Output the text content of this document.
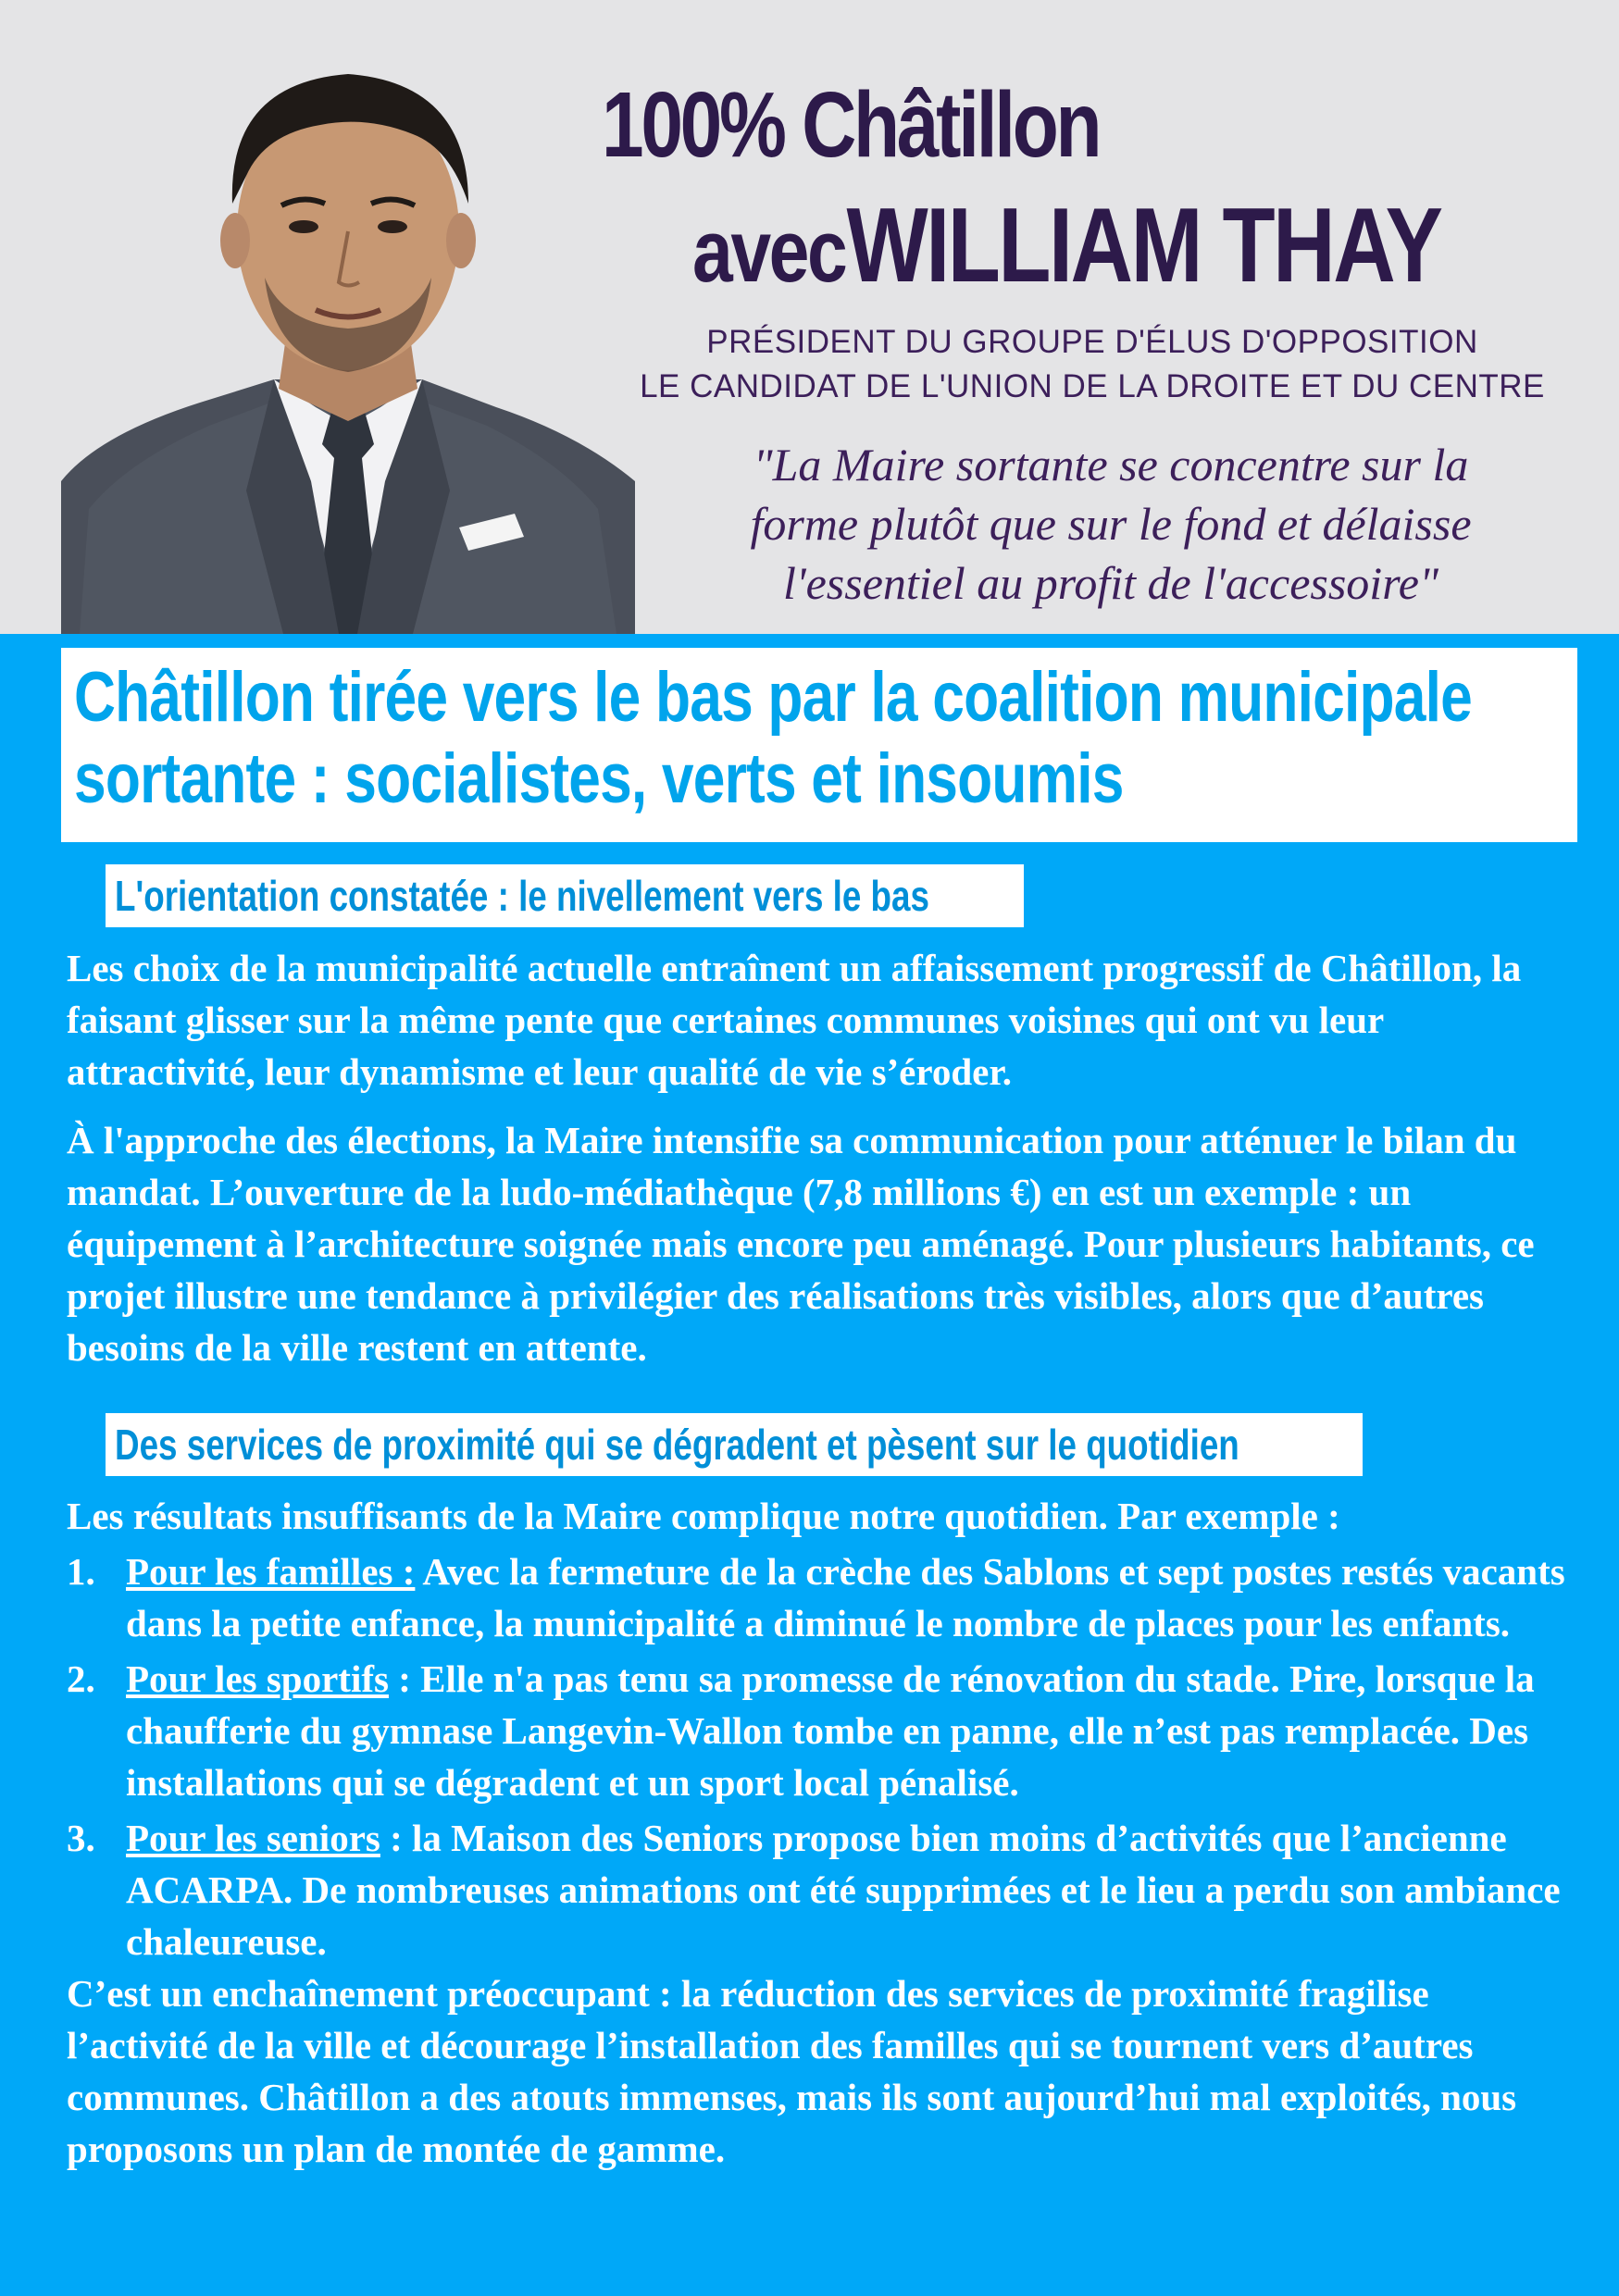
100% Châtillon
avec WILLIAM THAY
PRÉSIDENT DU GROUPE D'ÉLUS D'OPPOSITION
LE CANDIDAT DE L'UNION DE LA DROITE ET DU CENTRE
"La Maire sortante se concentre sur la
forme plutôt que sur le fond et délaisse
l'essentiel au profit de l'accessoire"
Châtillon tirée vers le bas par la coalition municipale
sortante : socialistes, verts et insoumis
L'orientation constatée : le nivellement vers le bas

Les choix de la municipalité actuelle entraînent un affaissement progressif de Châtillon, la faisant glisser sur la même pente que certaines communes voisines qui ont vu leur attractivité, leur dynamisme et leur qualité de vie s’éroder.

À l'approche des élections, la Maire intensifie sa communication pour atténuer le bilan du mandat. L’ouverture de la ludo-médiathèque (7,8 millions €) en est un exemple : un équipement à l’architecture soignée mais encore peu aménagé. Pour plusieurs habitants, ce projet illustre une tendance à privilégier des réalisations très visibles, alors que d’autres besoins de la ville restent en attente.

Des services de proximité qui se dégradent et pèsent sur le quotidien

Les résultats insuffisants de la Maire complique notre quotidien. Par exemple :

1. Pour les familles : Avec la fermeture de la crèche des Sablons et sept postes restés vacants dans la petite enfance, la municipalité a diminué le nombre de places pour les enfants.
2. Pour les sportifs : Elle n'a pas tenu sa promesse de rénovation du stade. Pire, lorsque la chaufferie du gymnase Langevin-Wallon tombe en panne, elle n’est pas remplacée. Des installations qui se dégradent et un sport local pénalisé.
3. Pour les seniors : la Maison des Seniors propose bien moins d’activités que l’ancienne ACARPA. De nombreuses animations ont été supprimées et le lieu a perdu son ambiance chaleureuse.

C’est un enchaînement préoccupant : la réduction des services de proximité fragilise l’activité de la ville et décourage l’installation des familles qui se tournent vers d’autres communes. Châtillon a des atouts immenses, mais ils sont aujourd’hui mal exploités, nous proposons un plan de montée de gamme.
